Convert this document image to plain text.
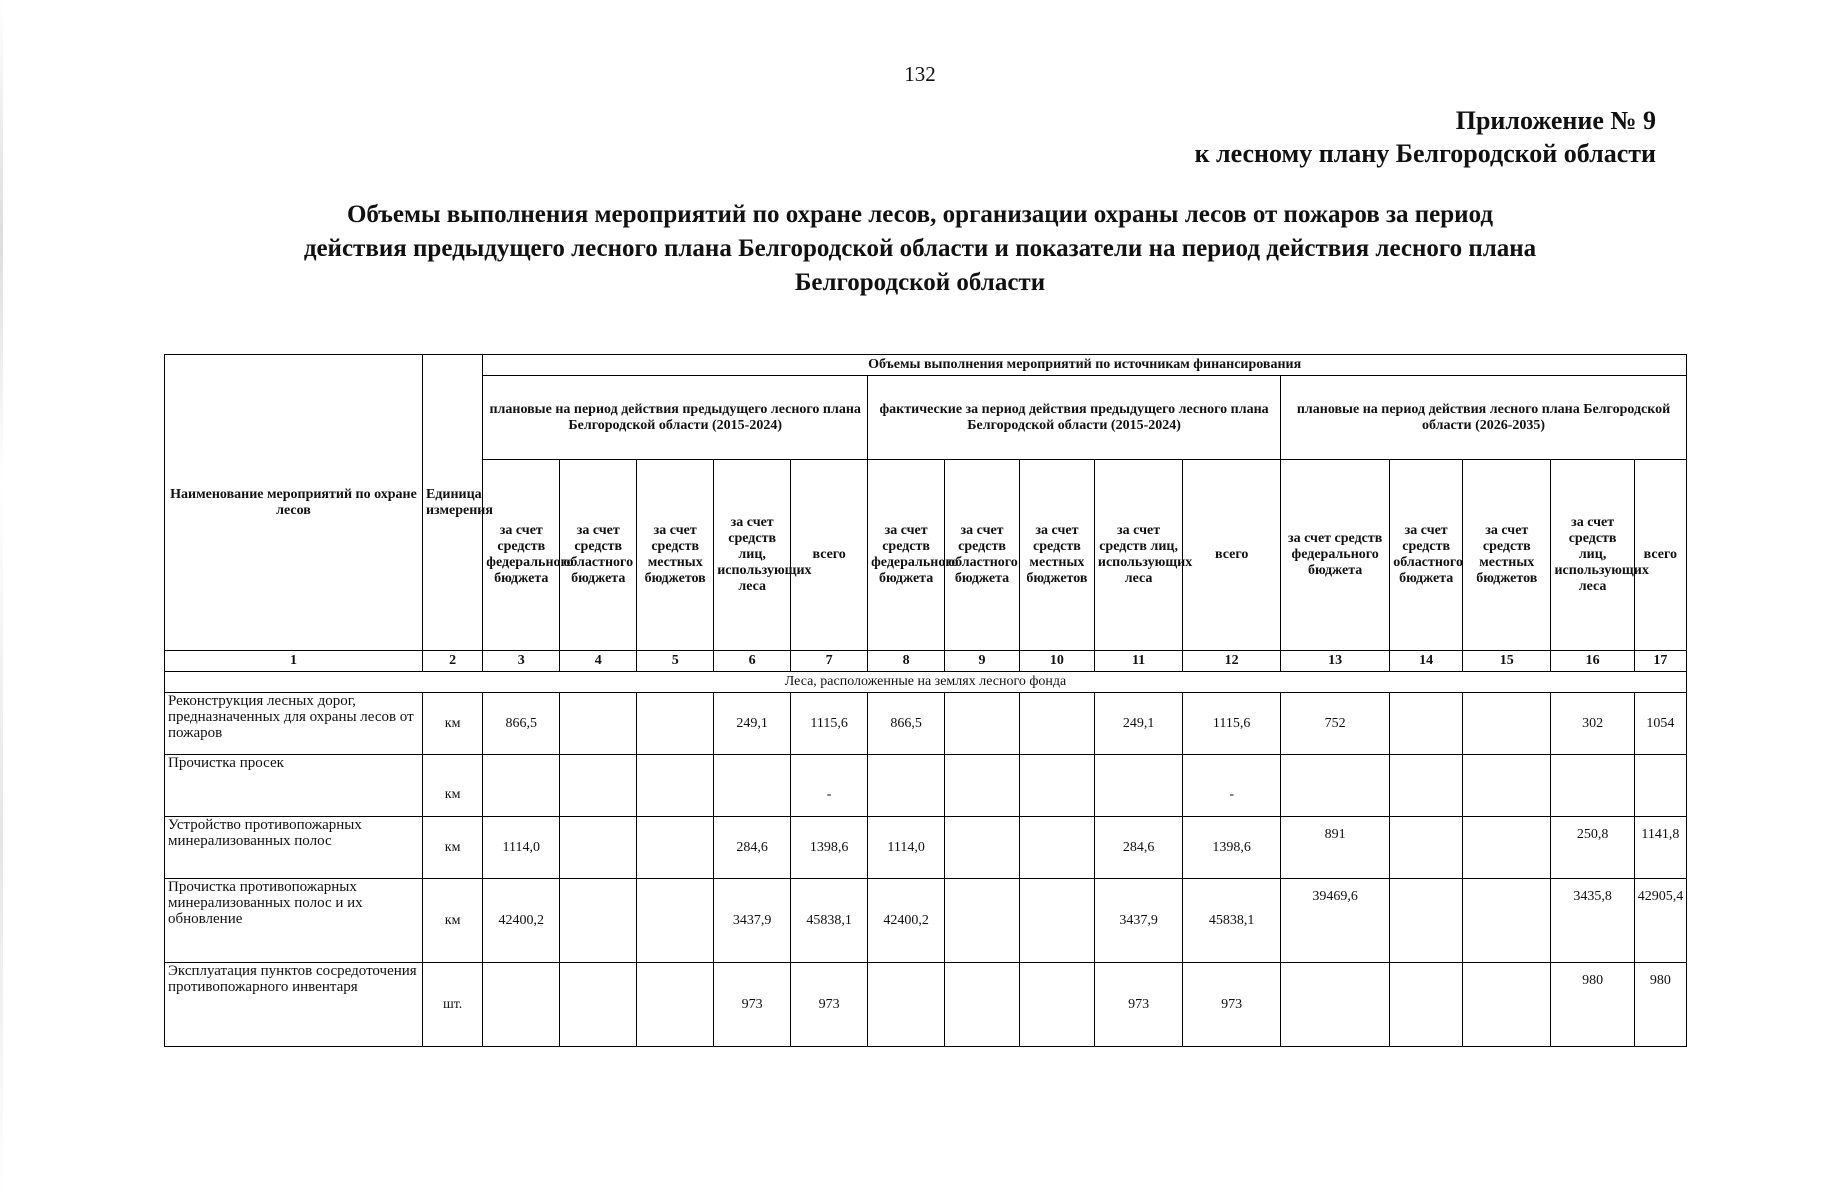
132
Приложение № 9
к лесному плану Белгородской области
Объемы выполнения мероприятий по охране лесов, организации охраны лесов от пожаров за период
действия предыдущего лесного плана Белгородской области и показатели на период действия лесного плана
Белгородской области
Наименование мероприятий по охране лесов	Единица измерения	Объемы выполнения мероприятий по источникам финансирования														
		плановые на период действия предыдущего лесного плана Белгородской области (2015-2024)					фактические за период действия предыдущего лесного плана Белгородской области (2015-2024)					плановые на период действия лесного плана Белгородской области (2026-2035)				
		за счет средств федерального бюджета	за счет средств областного бюджета	за счет средств местных бюджетов	за счет средств лиц, использующих леса	всего	за счет средств федерального бюджета	за счет средств областного бюджета	за счет средств местных бюджетов	за счет средств лиц, использующих леса	всего	за счет средств федерального бюджета	за счет средств областного бюджета	за счет средств местных бюджетов	за счет средств лиц, использующих леса	всего
1	2	3	4	5	6	7	8	9	10	11	12	13	14	15	16	17
Леса, расположенные на землях лесного фонда																
Реконструкция лесных дорог, предназначенных для охраны лесов от пожаров	км	866,5			249,1	1115,6	866,5			249,1	1115,6	752			302	1054
Прочистка просек	км					-					-					
Устройство противопожарных минерализованных полос	км	1114,0			284,6	1398,6	1114,0			284,6	1398,6	891			250,8	1141,8
Прочистка противопожарных минерализованных полос и их обновление	км	42400,2			3437,9	45838,1	42400,2			3437,9	45838,1	39469,6			3435,8	42905,4
Эксплуатация пунктов сосредоточения противопожарного инвентаря	шт.				973	973				973	973				980	980
